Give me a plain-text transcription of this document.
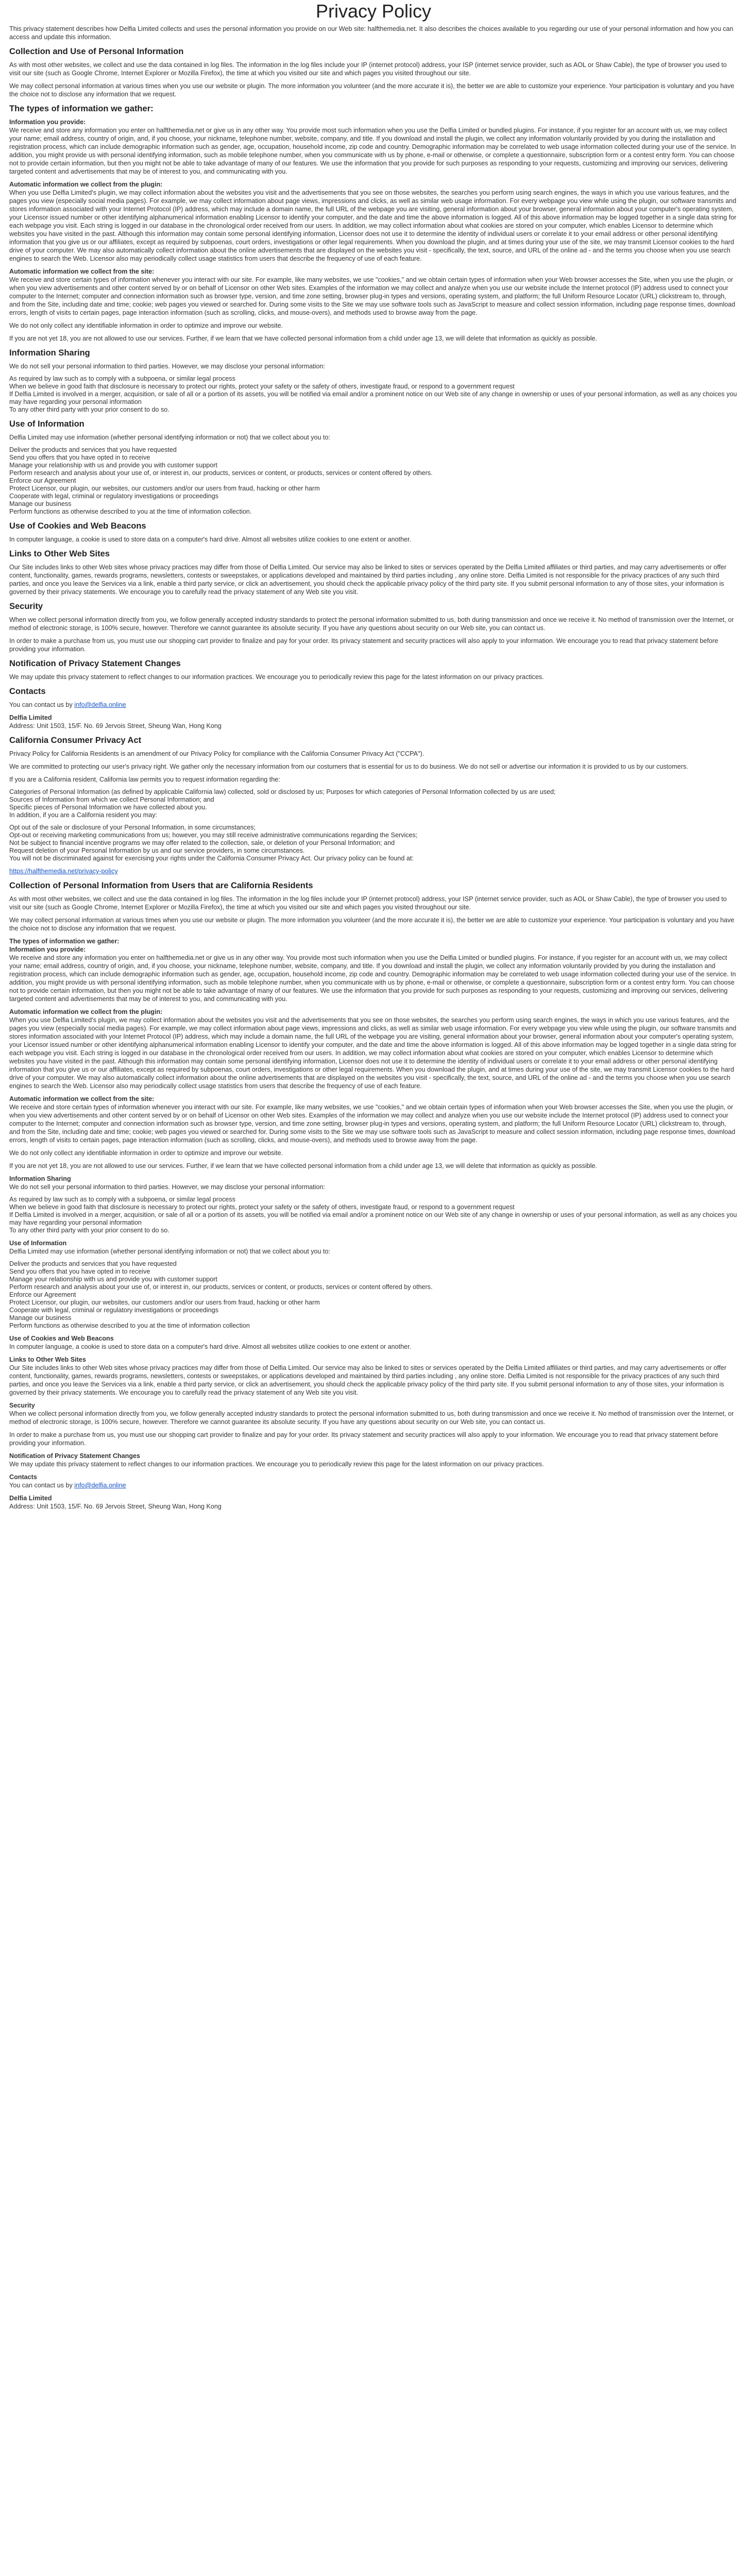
Privacy Policy

This privacy statement describes how Delfia Limited collects and uses the personal information you provide on our Web site: halfthemedia.net. It also describes the choices available to you regarding our use of your personal information and how you can access and update this information.

Collection and Use of Personal Information

As with most other websites, we collect and use the data contained in log files. The information in the log files include your IP (internet protocol) address, your ISP (internet service provider, such as AOL or Shaw Cable), the type of browser you used to visit our site (such as Google Chrome, Internet Explorer or Mozilla Firefox), the time at which you visited our site and which pages you visited throughout our site.

We may collect personal information at various times when you use our website or plugin. The more information you volunteer (and the more accurate it is), the better we are able to customize your experience. Your participation is voluntary and you have the choice not to disclose any information that we request.

The types of information we gather:
Information you provide:

We receive and store any information you enter on halfthemedia.net or give us in any other way. You provide most such information when you use the Delfia Limited or bundled plugins. For instance, if you register for an account with us, we may collect your name; email address, country of origin, and, if you choose, your nickname, telephone number, website, company, and title. If you download and install the plugin, we collect any information voluntarily provided by you during the installation and registration process, which can include demographic information such as gender, age, occupation, household income, zip code and country. Demographic information may be correlated to web usage information collected during your use of the service. In addition, you might provide us with personal identifying information, such as mobile telephone number, when you communicate with us by phone, e-mail or otherwise, or complete a questionnaire, subscription form or a contest entry form. You can choose not to provide certain information, but then you might not be able to take advantage of many of our features. We use the information that you provide for such purposes as responding to your requests, customizing and improving our services, delivering targeted content and advertisements that may be of interest to you, and communicating with you.

Automatic information we collect from the plugin:

When you use Delfia Limited's plugin, we may collect information about the websites you visit and the advertisements that you see on those websites, the searches you perform using search engines, the ways in which you use various features, and the pages you view (especially social media pages). For example, we may collect information about page views, impressions and clicks, as well as similar web usage information. For every webpage you view while using the plugin, our software transmits and stores information associated with your Internet Protocol (IP) address, which may include a domain name, the full URL of the webpage you are visiting, general information about your browser, general information about your computer's operating system, your Licensor issued number or other identifying alphanumerical information enabling Licensor to identify your computer, and the date and time the above information is logged. All of this above information may be logged together in a single data string for each webpage you visit. Each string is logged in our database in the chronological order received from our users. In addition, we may collect information about what cookies are stored on your computer, which enables Licensor to determine which websites you have visited in the past. Although this information may contain some personal identifying information, Licensor does not use it to determine the identity of individual users or correlate it to your email address or other personal identifying information that you give us or our affiliates, except as required by subpoenas, court orders, investigations or other legal requirements. When you download the plugin, and at times during your use of the site, we may transmit Licensor cookies to the hard drive of your computer. We may also automatically collect information about the online advertisements that are displayed on the websites you visit - specifically, the text, source, and URL of the online ad - and the terms you choose when you use search engines to search the Web. Licensor also may periodically collect usage statistics from users that describe the frequency of use of each feature.

Automatic information we collect from the site:

We receive and store certain types of information whenever you interact with our site. For example, like many websites, we use "cookies," and we obtain certain types of information when your Web browser accesses the Site, when you use the plugin, or when you view advertisements and other content served by or on behalf of Licensor on other Web sites. Examples of the information we may collect and analyze when you use our website include the Internet protocol (IP) address used to connect your computer to the Internet; computer and connection information such as browser type, version, and time zone setting, browser plug-in types and versions, operating system, and platform; the full Uniform Resource Locator (URL) clickstream to, through, and from the Site, including date and time; cookie; web pages you viewed or searched for. During some visits to the Site we may use software tools such as JavaScript to measure and collect session information, including page response times, download errors, length of visits to certain pages, page interaction information (such as scrolling, clicks, and mouse-overs), and methods used to browse away from the page.

We do not only collect any identifiable information in order to optimize and improve our website.

If you are not yet 18, you are not allowed to use our services. Further, if we learn that we have collected personal information from a child under age 13, we will delete that information as quickly as possible.

Information Sharing

We do not sell your personal information to third parties. However, we may disclose your personal information:

As required by law such as to comply with a subpoena, or similar legal process
When we believe in good faith that disclosure is necessary to protect our rights, protect your safety or the safety of others, investigate fraud, or respond to a government request
If Delfia Limited is involved in a merger, acquisition, or sale of all or a portion of its assets, you will be notified via email and/or a prominent notice on our Web site of any change in ownership or uses of your personal information, as well as any choices you may have regarding your personal information
To any other third party with your prior consent to do so.
Use of Information

Delfia Limited may use information (whether personal identifying information or not) that we collect about you to:

Deliver the products and services that you have requested
Send you offers that you have opted in to receive
Manage your relationship with us and provide you with customer support
Perform research and analysis about your use of, or interest in, our products, services or content, or products, services or content offered by others.
Enforce our Agreement
Protect Licensor, our plugin, our websites, our customers and/or our users from fraud, hacking or other harm
Cooperate with legal, criminal or regulatory investigations or proceedings
Manage our business
Perform functions as otherwise described to you at the time of information collection.
Use of Cookies and Web Beacons

In computer language, a cookie is used to store data on a computer's hard drive. Almost all websites utilize cookies to one extent or another.

Links to Other Web Sites

Our Site includes links to other Web sites whose privacy practices may differ from those of Delfia Limited. Our service may also be linked to sites or services operated by the Delfia Limited affiliates or third parties, and may carry advertisements or offer content, functionality, games, rewards programs, newsletters, contests or sweepstakes, or applications developed and maintained by third parties including , any online store. Delfia Limited is not responsible for the privacy practices of any such third parties, and once you leave the Services via a link, enable a third party service, or click an advertisement, you should check the applicable privacy policy of the third party site. If you submit personal information to any of those sites, your information is governed by their privacy statements. We encourage you to carefully read the privacy statement of any Web site you visit.

Security

When we collect personal information directly from you, we follow generally accepted industry standards to protect the personal information submitted to us, both during transmission and once we receive it. No method of transmission over the Internet, or method of electronic storage, is 100% secure, however. Therefore we cannot guarantee its absolute security. If you have any questions about security on our Web site, you can contact us.

In order to make a purchase from us, you must use our shopping cart provider to finalize and pay for your order. Its privacy statement and security practices will also apply to your information. We encourage you to read that privacy statement before providing your information.

Notification of Privacy Statement Changes

We may update this privacy statement to reflect changes to our information practices. We encourage you to periodically review this page for the latest information on our privacy practices.

Contacts

You can contact us by info@delfia.online

Delfia Limited

Address: Unit 1503, 15/F. No. 69 Jervois Street, Sheung Wan, Hong Kong

California Consumer Privacy Act

Privacy Policy for California Residents is an amendment of our Privacy Policy for compliance with the California Consumer Privacy Act ("CCPA").

We are committed to protecting our user's privacy right. We gather only the necessary information from our costumers that is essential for us to do business. We do not sell or advertise our information it is provided to us by our customers.

If you are a California resident, California law permits you to request information regarding the:

Categories of Personal Information (as defined by applicable California law) collected, sold or disclosed by us; Purposes for which categories of Personal Information collected by us are used;
Sources of Information from which we collect Personal Information; and
Specific pieces of Personal Information we have collected about you.
In addition, if you are a California resident you may:
Opt out of the sale or disclosure of your Personal Information, in some circumstances;
Opt-out or receiving marketing communications from us; however, you may still receive administrative communications regarding the Services;
Not be subject to financial incentive programs we may offer related to the collection, sale, or deletion of your Personal Information; and
Request deletion of your Personal Information by us and our service providers, in some circumstances.
You will not be discriminated against for exercising your rights under the California Consumer Privacy Act. Our privacy policy can be found at:

https://halfthemedia.net/privacy-policy

Collection of Personal Information from Users that are California Residents

As with most other websites, we collect and use the data contained in log files. The information in the log files include your IP (internet protocol) address, your ISP (internet service provider, such as AOL or Shaw Cable), the type of browser you used to visit our site (such as Google Chrome, Internet Explorer or Mozilla Firefox), the time at which you visited our site and which pages you visited throughout our site.

We may collect personal information at various times when you use our website or plugin. The more information you volunteer (and the more accurate it is), the better we are able to customize your experience. Your participation is voluntary and you have the choice not to disclose any information that we request.

The types of information we gather:
Information you provide:

We receive and store any information you enter on halfthemedia.net or give us in any other way. You provide most such information when you use the Delfia Limited or bundled plugins. For instance, if you register for an account with us, we may collect your name; email address, country of origin, and, if you choose, your nickname, telephone number, website, company, and title. If you download and install the plugin, we collect any information voluntarily provided by you during the installation and registration process, which can include demographic information such as gender, age, occupation, household income, zip code and country. Demographic information may be correlated to web usage information collected during your use of the service. In addition, you might provide us with personal identifying information, such as mobile telephone number, when you communicate with us by phone, e-mail or otherwise, or complete a questionnaire, subscription form or a contest entry form. You can choose not to provide certain information, but then you might not be able to take advantage of many of our features. We use the information that you provide for such purposes as responding to your requests, customizing and improving our services, delivering targeted content and advertisements that may be of interest to you, and communicating with you.

Automatic information we collect from the plugin:

When you use Delfia Limited's plugin, we may collect information about the websites you visit and the advertisements that you see on those websites, the searches you perform using search engines, the ways in which you use various features, and the pages you view (especially social media pages). For example, we may collect information about page views, impressions and clicks, as well as similar web usage information. For every webpage you view while using the plugin, our software transmits and stores information associated with your Internet Protocol (IP) address, which may include a domain name, the full URL of the webpage you are visiting, general information about your browser, general information about your computer's operating system, your Licensor issued number or other identifying alphanumerical information enabling Licensor to identify your computer, and the date and time the above information is logged. All of this above information may be logged together in a single data string for each webpage you visit. Each string is logged in our database in the chronological order received from our users. In addition, we may collect information about what cookies are stored on your computer, which enables Licensor to determine which websites you have visited in the past. Although this information may contain some personal identifying information, Licensor does not use it to determine the identity of individual users or correlate it to your email address or other personal identifying information that you give us or our affiliates, except as required by subpoenas, court orders, investigations or other legal requirements. When you download the plugin, and at times during your use of the site, we may transmit Licensor cookies to the hard drive of your computer. We may also automatically collect information about the online advertisements that are displayed on the websites you visit - specifically, the text, source, and URL of the online ad - and the terms you choose when you use search engines to search the Web. Licensor also may periodically collect usage statistics from users that describe the frequency of use of each feature.

Automatic information we collect from the site:

We receive and store certain types of information whenever you interact with our site. For example, like many websites, we use "cookies," and we obtain certain types of information when your Web browser accesses the Site, when you use the plugin, or when you view advertisements and other content served by or on behalf of Licensor on other Web sites. Examples of the information we may collect and analyze when you use our website include the Internet protocol (IP) address used to connect your computer to the Internet; computer and connection information such as browser type, version, and time zone setting, browser plug-in types and versions, operating system, and platform; the full Uniform Resource Locator (URL) clickstream to, through, and from the Site, including date and time; cookie; web pages you viewed or searched for. During some visits to the Site we may use software tools such as JavaScript to measure and collect session information, including page response times, download errors, length of visits to certain pages, page interaction information (such as scrolling, clicks, and mouse-overs), and methods used to browse away from the page.

We do not only collect any identifiable information in order to optimize and improve our website.

If you are not yet 18, you are not allowed to use our services. Further, if we learn that we have collected personal information from a child under age 13, we will delete that information as quickly as possible.

Information Sharing

We do not sell your personal information to third parties. However, we may disclose your personal information:

As required by law such as to comply with a subpoena, or similar legal process
When we believe in good faith that disclosure is necessary to protect our rights, protect your safety or the safety of others, investigate fraud, or respond to a government request
If Delfia Limited is involved in a merger, acquisition, or sale of all or a portion of its assets, you will be notified via email and/or a prominent notice on our Web site of any change in ownership or uses of your personal information, as well as any choices you may have regarding your personal information
To any other third party with your prior consent to do so.
Use of Information

Delfia Limited may use information (whether personal identifying information or not) that we collect about you to:

Deliver the products and services that you have requested
Send you offers that you have opted in to receive
Manage your relationship with us and provide you with customer support
Perform research and analysis about your use of, or interest in, our products, services or content, or products, services or content offered by others.
Enforce our Agreement
Protect Licensor, our plugin, our websites, our customers and/or our users from fraud, hacking or other harm
Cooperate with legal, criminal or regulatory investigations or proceedings
Manage our business
Perform functions as otherwise described to you at the time of information collection
Use of Cookies and Web Beacons

In computer language, a cookie is used to store data on a computer's hard drive. Almost all websites utilize cookies to one extent or another.

Links to Other Web Sites

Our Site includes links to other Web sites whose privacy practices may differ from those of Delfia Limited. Our service may also be linked to sites or services operated by the Delfia Limited affiliates or third parties, and may carry advertisements or offer content, functionality, games, rewards programs, newsletters, contests or sweepstakes, or applications developed and maintained by third parties including , any online store. Delfia Limited is not responsible for the privacy practices of any such third parties, and once you leave the Services via a link, enable a third party service, or click an advertisement, you should check the applicable privacy policy of the third party site. If you submit personal information to any of those sites, your information is governed by their privacy statements. We encourage you to carefully read the privacy statement of any Web site you visit.

Security

When we collect personal information directly from you, we follow generally accepted industry standards to protect the personal information submitted to us, both during transmission and once we receive it. No method of transmission over the Internet, or method of electronic storage, is 100% secure, however. Therefore we cannot guarantee its absolute security. If you have any questions about security on our Web site, you can contact us.

In order to make a purchase from us, you must use our shopping cart provider to finalize and pay for your order. Its privacy statement and security practices will also apply to your information. We encourage you to read that privacy statement before providing your information.

Notification of Privacy Statement Changes

We may update this privacy statement to reflect changes to our information practices. We encourage you to periodically review this page for the latest information on our privacy practices.

Contacts

You can contact us by info@delfia.online

Delfia Limited

Address: Unit 1503, 15/F. No. 69 Jervois Street, Sheung Wan, Hong Kong
